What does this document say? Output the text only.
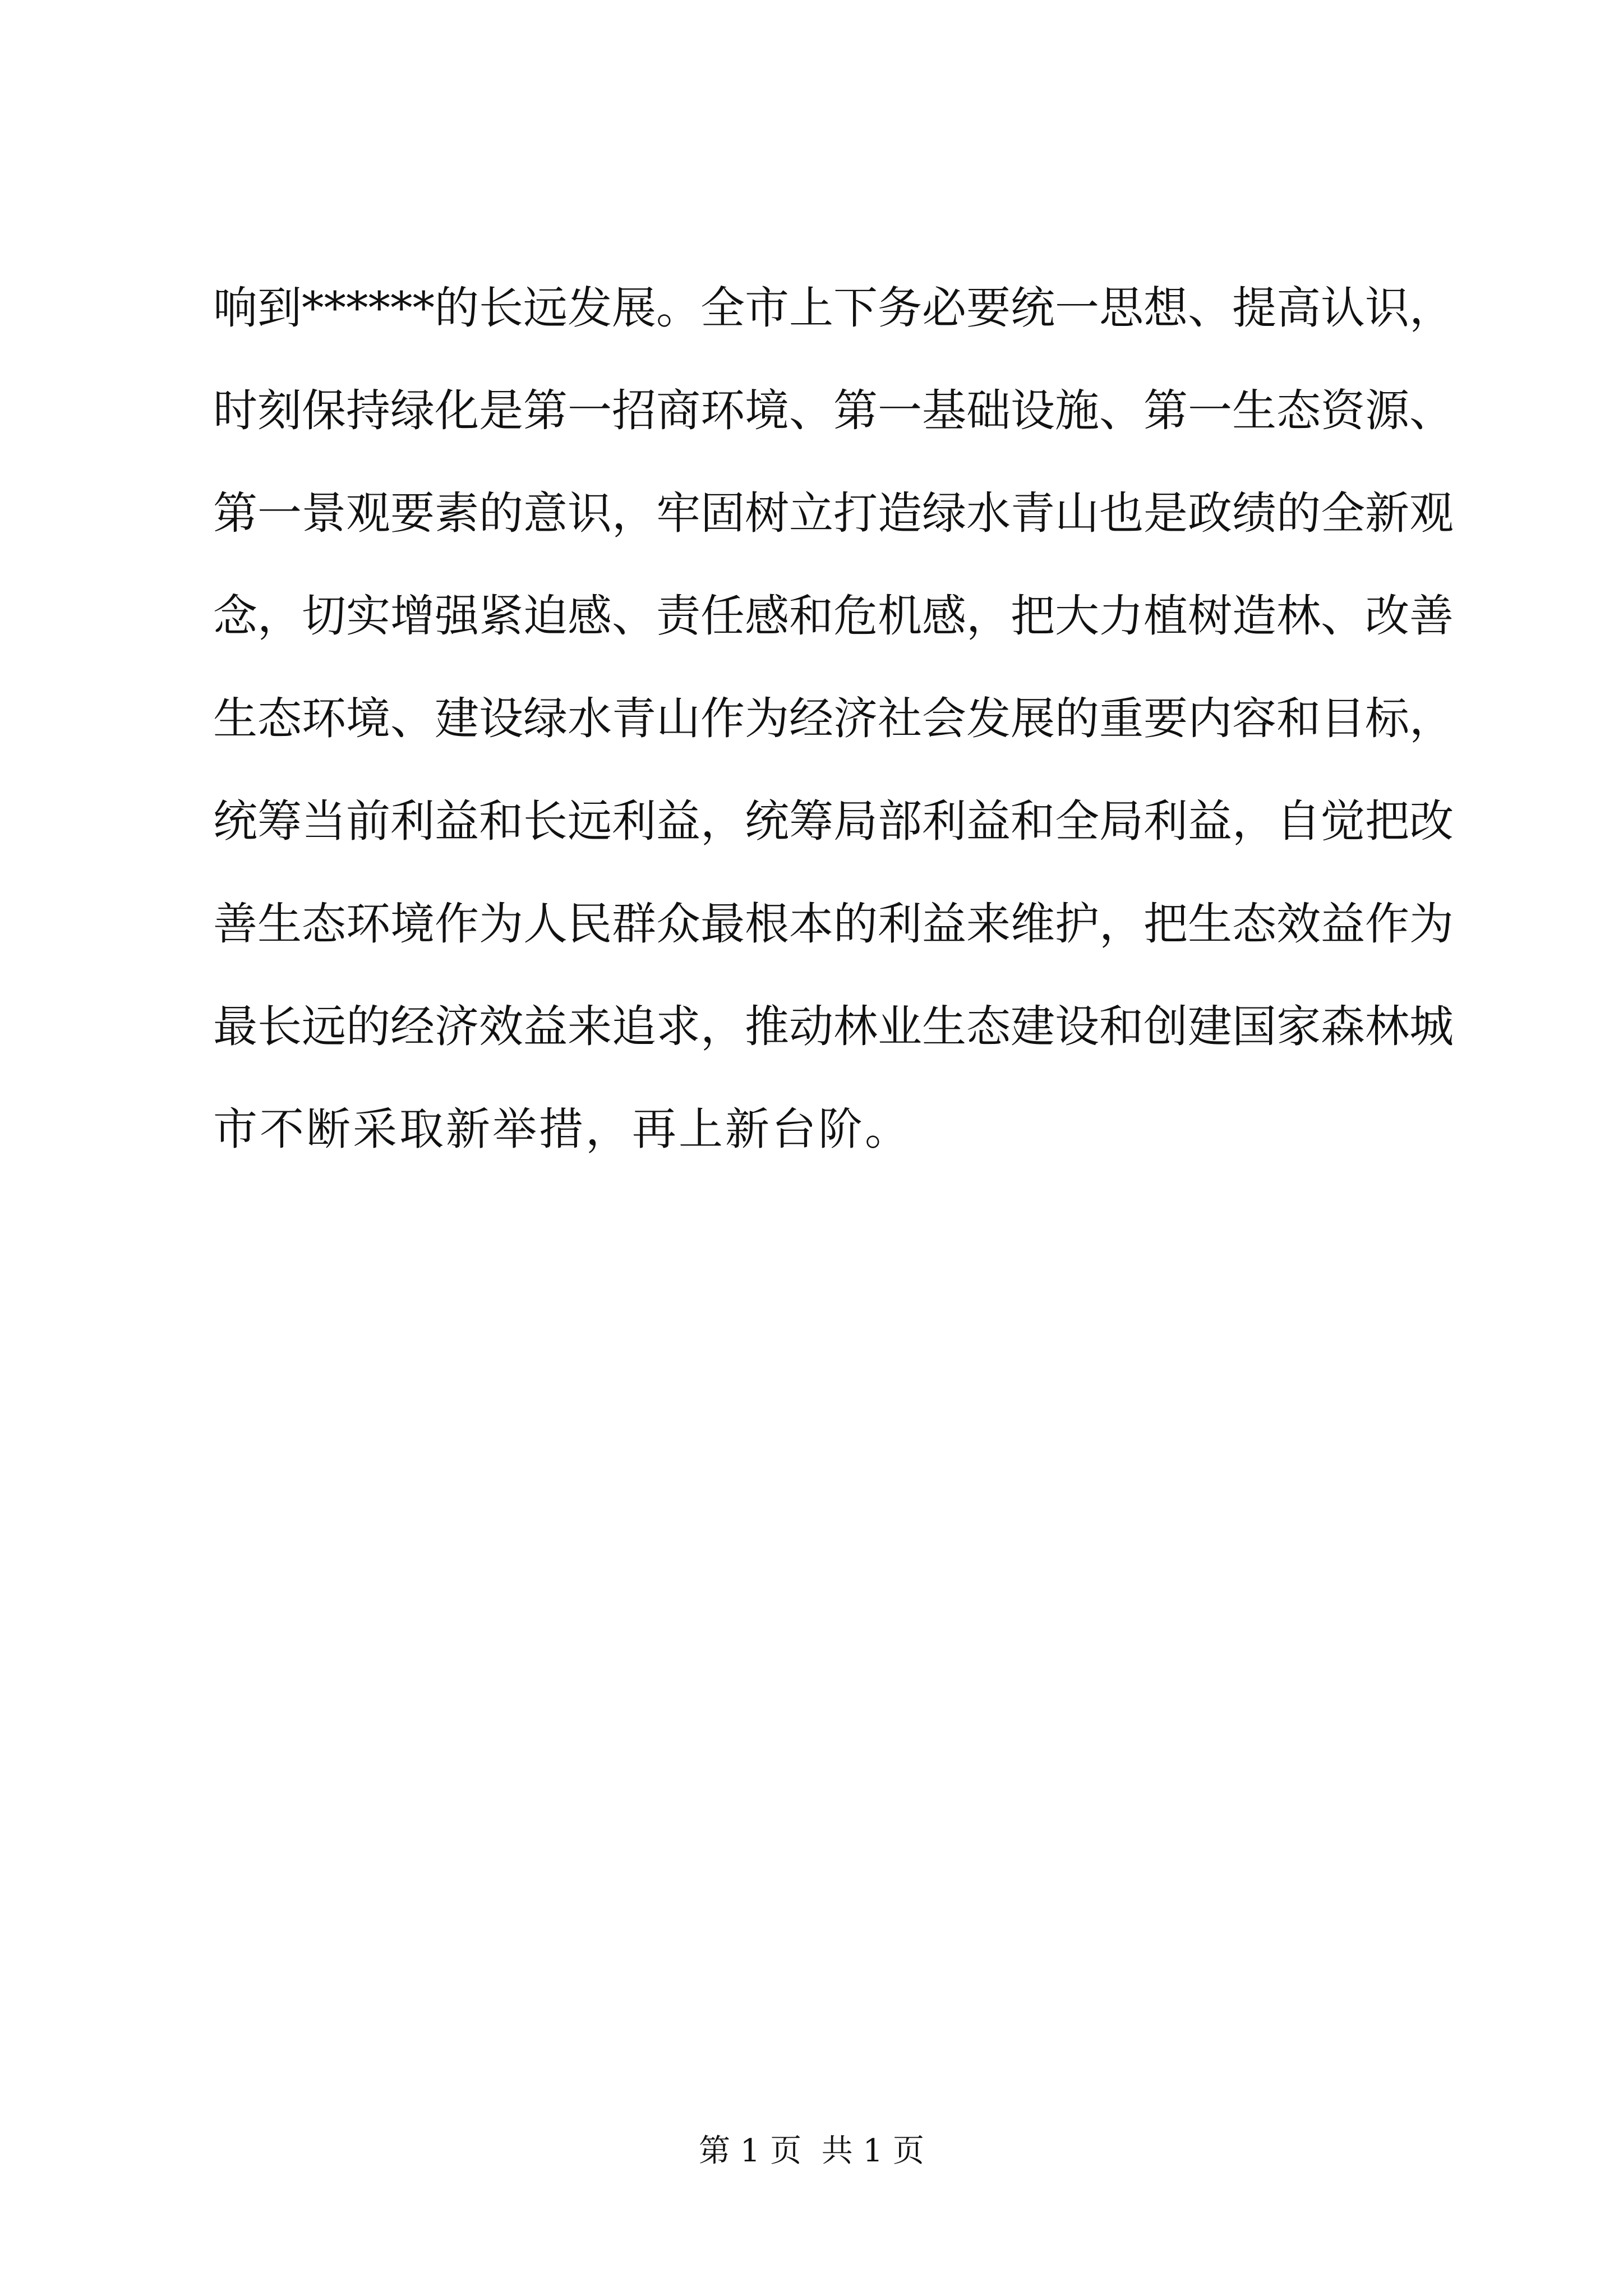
响到******的长远发展。全市上下务必要统一思想、提高认识，
时刻保持绿化是第一招商环境、第一基础设施、第一生态资源、
第一景观要素的意识，牢固树立打造绿水青山也是政绩的全新观
念，切实增强紧迫感、责任感和危机感，把大力植树造林、改善
生态环境、建设绿水青山作为经济社会发展的重要内容和目标，
统筹当前利益和长远利益，统筹局部利益和全局利益，自觉把改
善生态环境作为人民群众最根本的利益来维护，把生态效益作为
最长远的经济效益来追求，推动林业生态建设和创建国家森林城
市不断采取新举措，再上新台阶。
第 1 页  共 1 页
